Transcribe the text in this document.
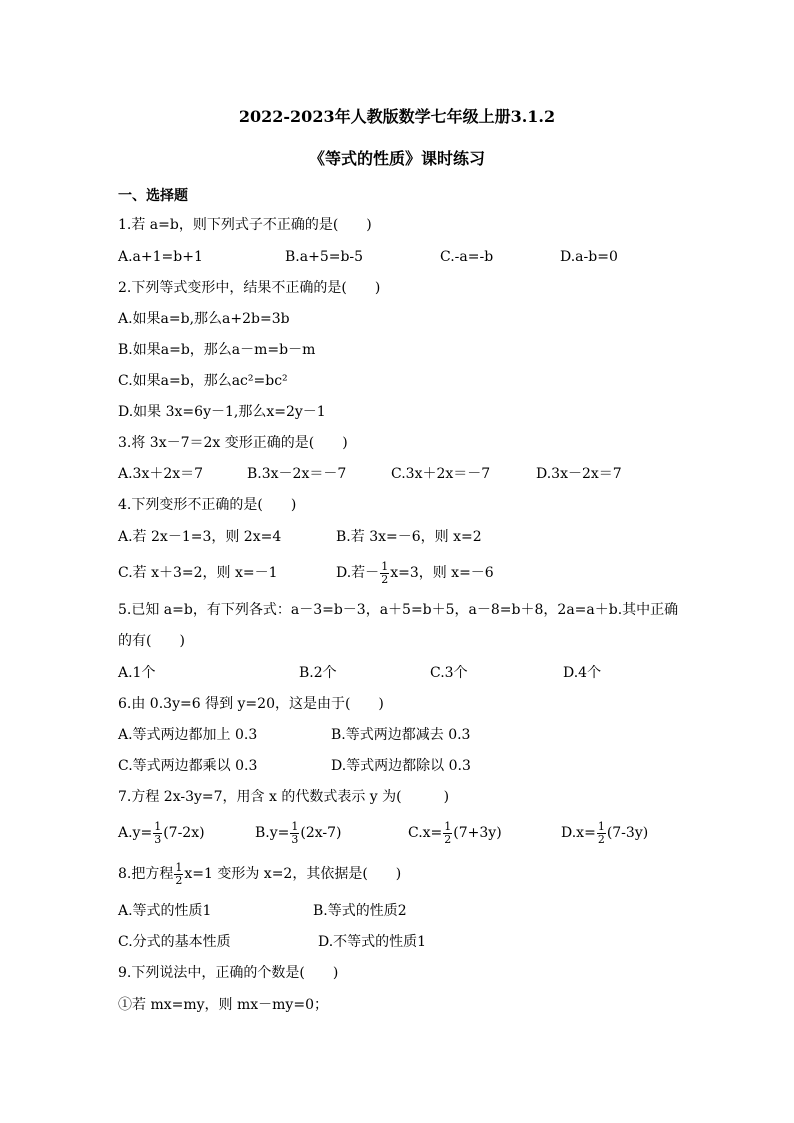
2022-2023年人教版数学七年级上册3.1.2
《等式的性质》课时练习
一、选择题
1.若 a=b，则下列式子不正确的是(　　)
A.a+1=b+1	B.a+5=b-5	C.-a=-b	D.a-b=0
2.下列等式变形中，结果不正确的是(　　)
A.如果a=b,那么a+2b=3b
B.如果a=b，那么a－m=b－m
C.如果a=b，那么ac²=bc²
D.如果 3x=6y－1,那么x=2y－1
3.将 3x－7＝2x 变形正确的是(　　)
A.3x＋2x＝7	B.3x－2x＝－7	C.3x＋2x＝－7	D.3x－2x＝7
4.下列变形不正确的是(　　)
A.若 2x－1=3，则 2x=4	B.若 3x=－6，则 x=2
C.若 x＋3=2，则 x=－1	D.若－ $\frac{1}{2} x=3$，则 x=－6
5.已知 a=b，有下列各式：a－3=b－3，a＋5=b＋5，a－8=b＋8，2a=a＋b.其中正确
的有(　　)
A.1个	B.2个	C.3个	D.4个
6.由 0.3y=6 得到 y=20，这是由于(　　)
A.等式两边都加上 0.3	B.等式两边都减去 0.3
C.等式两边都乘以 0.3	D.等式两边都除以 0.3
7.方程 2x-3y=7，用含 x 的代数式表示 y 为(　　　)
$A.y= \frac{1}{3} (7-2x)$	$B.y= \frac{1}{3} (2x-7)$	$C.x= \frac{1}{2} (7+3y)$	$D.x= \frac{1}{2} (7-3y)$
8.把方程 $\frac{1}{2} x=1$ 变形为 x=2，其依据是(　　)
A.等式的性质1	B.等式的性质2
C.分式的基本性质	D.不等式的性质1
9.下列说法中，正确的个数是(　　)
①若 mx=my，则 mx－my=0；
